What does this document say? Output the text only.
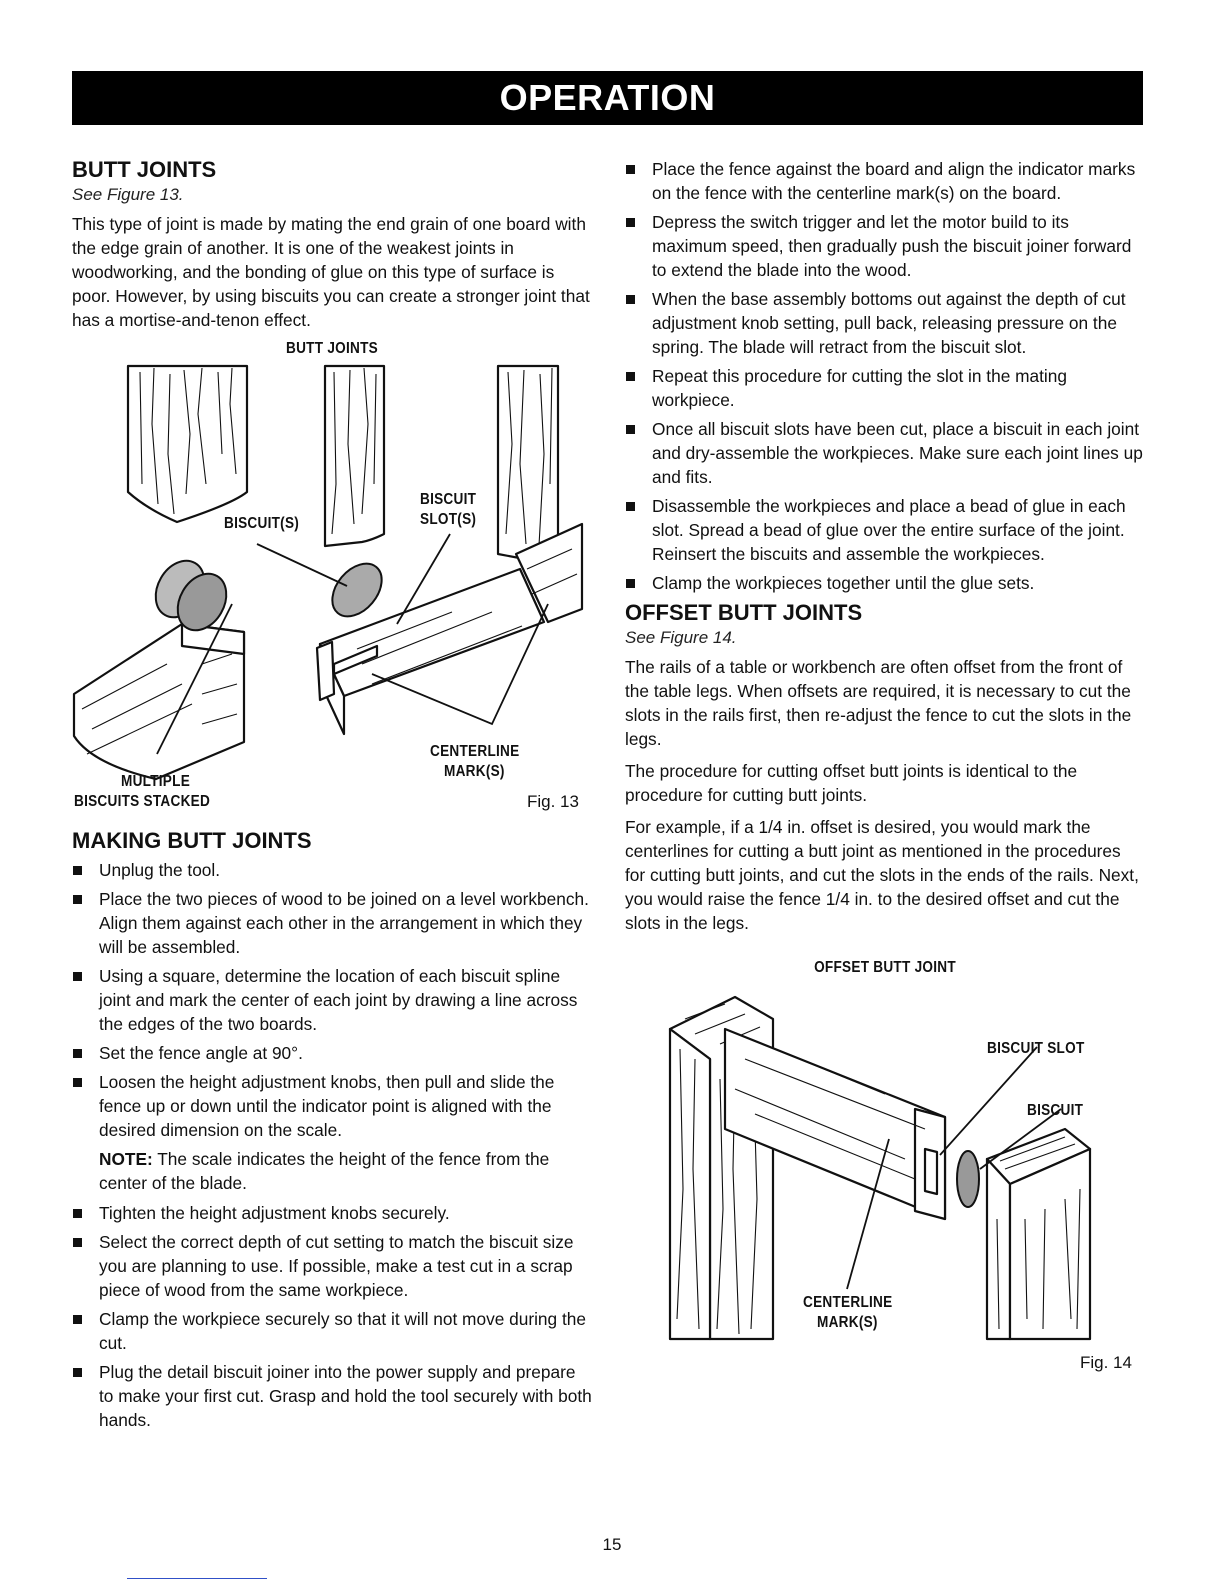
OPERATION
BUTT JOINTS
See Figure 13.

This type of joint is made by mating the end grain of one board with the edge grain of another. It is one of the weakest joints in woodworking, and the bonding of glue on this type of surface is poor. However, by using biscuits you can create a stronger joint that has a mortise-and-tenon effect.

BUTT JOINTS
BISCUIT(S)
BISCUIT
SLOT(S)
CENTERLINE
MARK(S)
MULTIPLE
BISCUITS STACKED	Fig. 13
MAKING BUTT JOINTS
Unplug the tool.
Place the two pieces of wood to be joined on a level workbench. Align them against each other in the arrangement in which they will be assembled.
Using a square, determine the location of each biscuit spline joint and mark the center of each joint by drawing a line across the edges of the two boards.
Set the fence angle at 90°.
Loosen the height adjustment knobs, then pull and slide the fence up or down until the indicator point is aligned with the desired dimension on the scale.
NOTE: The scale indicates the height of the fence from the center of the blade.
Tighten the height adjustment knobs securely.
Select the correct depth of cut setting to match the biscuit size you are planning to use. If possible, make a test cut in a scrap piece of wood from the same workpiece.
Clamp the workpiece securely so that it will not move during the cut.
Plug the detail biscuit joiner into the power supply and prepare to make your first cut. Grasp and hold the tool securely with both hands.
Place the fence against the board and align the indicator marks on the fence with the centerline mark(s) on the board.
Depress the switch trigger and let the motor build to its maximum speed, then gradually push the biscuit joiner forward to extend the blade into the wood.
When the base assembly bottoms out against the depth of cut adjustment knob setting, pull back, releasing pressure on the spring. The blade will retract from the biscuit slot.
Repeat this procedure for cutting the slot in the mating workpiece.
Once all biscuit slots have been cut, place a biscuit in each joint and dry-assemble the workpieces. Make sure each joint lines up and fits.
Disassemble the workpieces and place a bead of glue in each slot. Spread a bead of glue over the entire surface of the joint. Reinsert the biscuits and assemble the workpieces.
Clamp the workpieces together until the glue sets.
OFFSET BUTT JOINTS
See Figure 14.

The rails of a table or workbench are often offset from the front of the table legs. When offsets are required, it is necessary to cut the slots in the rails first, then re-adjust the fence to cut the slots in the legs.

The procedure for cutting offset butt joints is identical to the procedure for cutting butt joints.

For example, if a 1/4 in. offset is desired, you would mark the centerlines for cutting a butt joint as mentioned in the procedures for cutting butt joints, and cut the slots in the ends of the rails. Next, you would raise the fence 1/4 in. to the desired offset and cut the slots in the legs.

OFFSET BUTT JOINT
BISCUIT SLOT
BISCUIT
CENTERLINE
MARK(S)
Fig. 14
15
